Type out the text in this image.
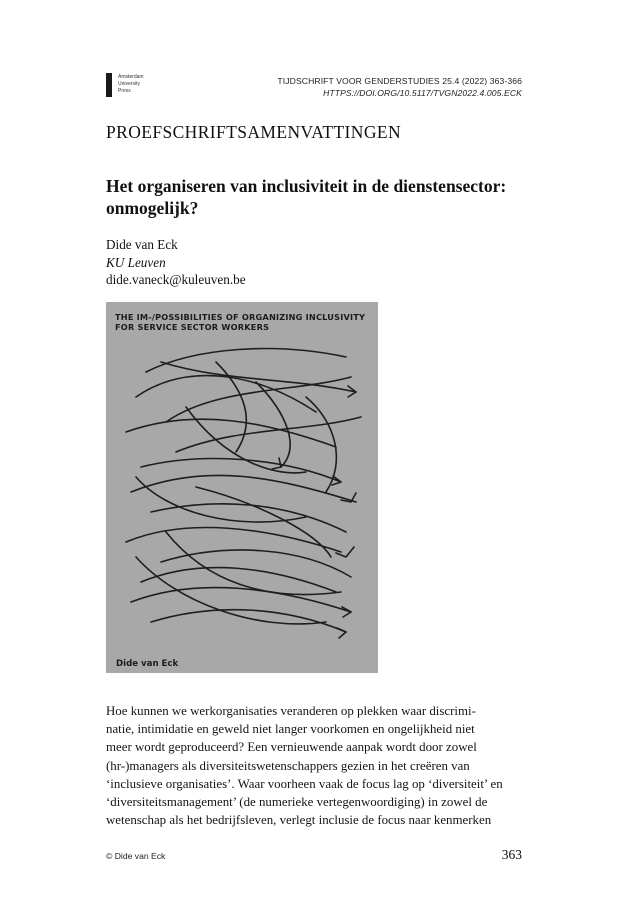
Amsterdam
University
Press
TIJDSCHRIFT VOOR GENDERSTUDIES 25.4 (2022) 363-366
HTTPS://DOI.ORG/10.5117/TVGN2022.4.005.ECK
PROEFSCHRIFTSAMENVATTINGEN
Het organiseren van inclusiviteit in de dienstensector: onmogelijk?
Dide van Eck
KU Leuven
dide.vaneck@kuleuven.be
THE IM-/POSSIBILITIES OF ORGANIZING INCLUSIVITY
FOR SERVICE SECTOR WORKERS
Dide van Eck
Hoe kunnen we werkorganisaties veranderen op plekken waar discrimi-
natie, intimidatie en geweld niet langer voorkomen en ongelijkheid niet
meer wordt geproduceerd? Een vernieuwende aanpak wordt door zowel
(hr-)managers als diversiteitswetenschappers gezien in het creëren van
‘inclusieve organisaties’. Waar voorheen vaak de focus lag op ‘diversiteit’ en
‘diversiteitsmanagement’ (de numerieke vertegenwoordiging) in zowel de
wetenschap als het bedrijfsleven, verlegt inclusie de focus naar kenmerken
© Dide van Eck	363
